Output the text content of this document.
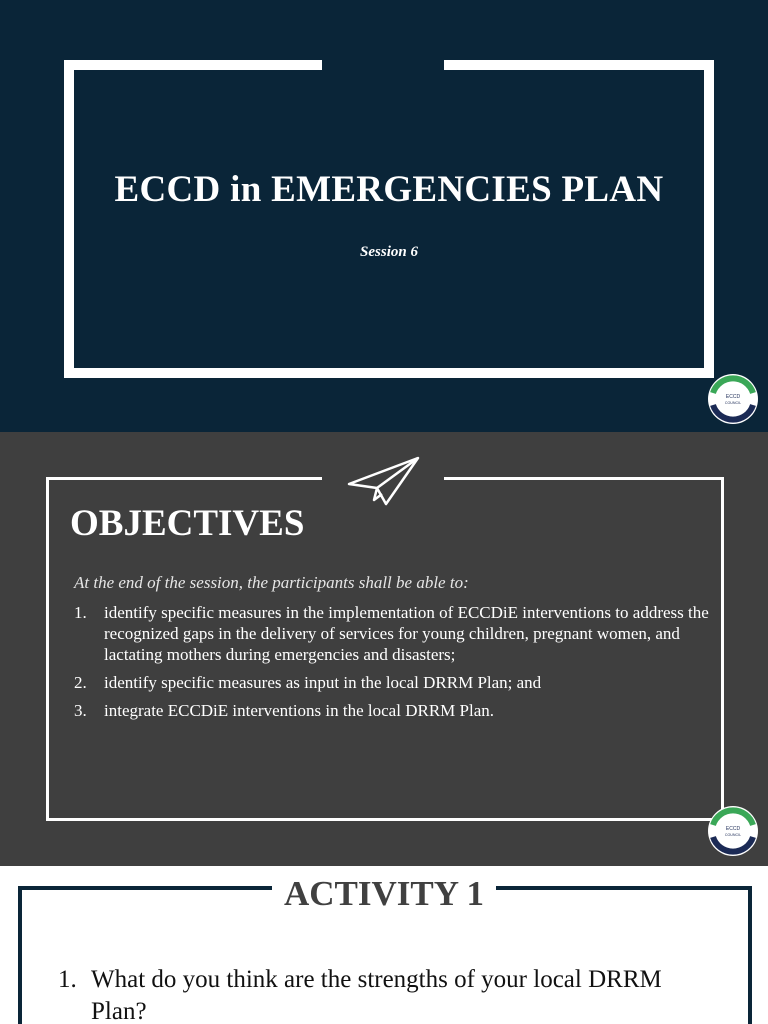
ECCD in EMERGENCIES PLAN
Session 6
ECCD
COUNCIL
OBJECTIVES
At the end of the session, the participants shall be able to:
1. identify specific measures in the implementation of ECCDiE interventions to address the recognized gaps in the delivery of services for young children, pregnant women, and lactating mothers during emergencies and disasters;
2. identify specific measures as input in the local DRRM Plan; and
3. integrate ECCDiE interventions in the local DRRM Plan.
ECCD
COUNCIL
ACTIVITY 1
1. What do you think are the strengths of your local DRRM Plan?
